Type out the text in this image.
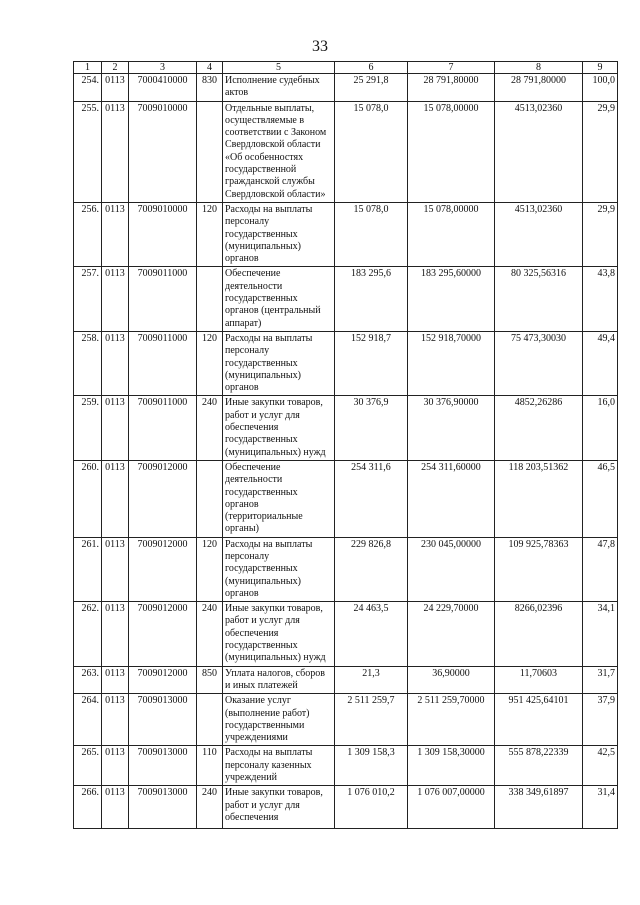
33
1	2	3	4	5	6	7	8	9
254.	0113	7000410000	830	Исполнение судебных актов	25 291,8	28 791,80000	28 791,80000	100,0
255.	0113	7009010000		Отдельные выплаты, осуществляемые в соответствии с Законом Свердловской области «Об особенностях государственной гражданской службы Свердловской области»	15 078,0	15 078,00000	4513,02360	29,9
256.	0113	7009010000	120	Расходы на выплаты персоналу государственных (муниципальных) органов	15 078,0	15 078,00000	4513,02360	29,9
257.	0113	7009011000		Обеспечение деятельности государственных органов (центральный аппарат)	183 295,6	183 295,60000	80 325,56316	43,8
258.	0113	7009011000	120	Расходы на выплаты персоналу государственных (муниципальных) органов	152 918,7	152 918,70000	75 473,30030	49,4
259.	0113	7009011000	240	Иные закупки товаров, работ и услуг для обеспечения государственных (муниципальных) нужд	30 376,9	30 376,90000	4852,26286	16,0
260.	0113	7009012000		Обеспечение деятельности государственных органов (территориальные органы)	254 311,6	254 311,60000	118 203,51362	46,5
261.	0113	7009012000	120	Расходы на выплаты персоналу государственных (муниципальных) органов	229 826,8	230 045,00000	109 925,78363	47,8
262.	0113	7009012000	240	Иные закупки товаров, работ и услуг для обеспечения государственных (муниципальных) нужд	24 463,5	24 229,70000	8266,02396	34,1
263.	0113	7009012000	850	Уплата налогов, сборов и иных платежей	21,3	36,90000	11,70603	31,7
264.	0113	7009013000		Оказание услуг (выполнение работ) государственными учреждениями	2 511 259,7	2 511 259,70000	951 425,64101	37,9
265.	0113	7009013000	110	Расходы на выплаты персоналу казенных учреждений	1 309 158,3	1 309 158,30000	555 878,22339	42,5
266.	0113	7009013000	240	Иные закупки товаров, работ и услуг для обеспечения	1 076 010,2	1 076 007,00000	338 349,61897	31,4
